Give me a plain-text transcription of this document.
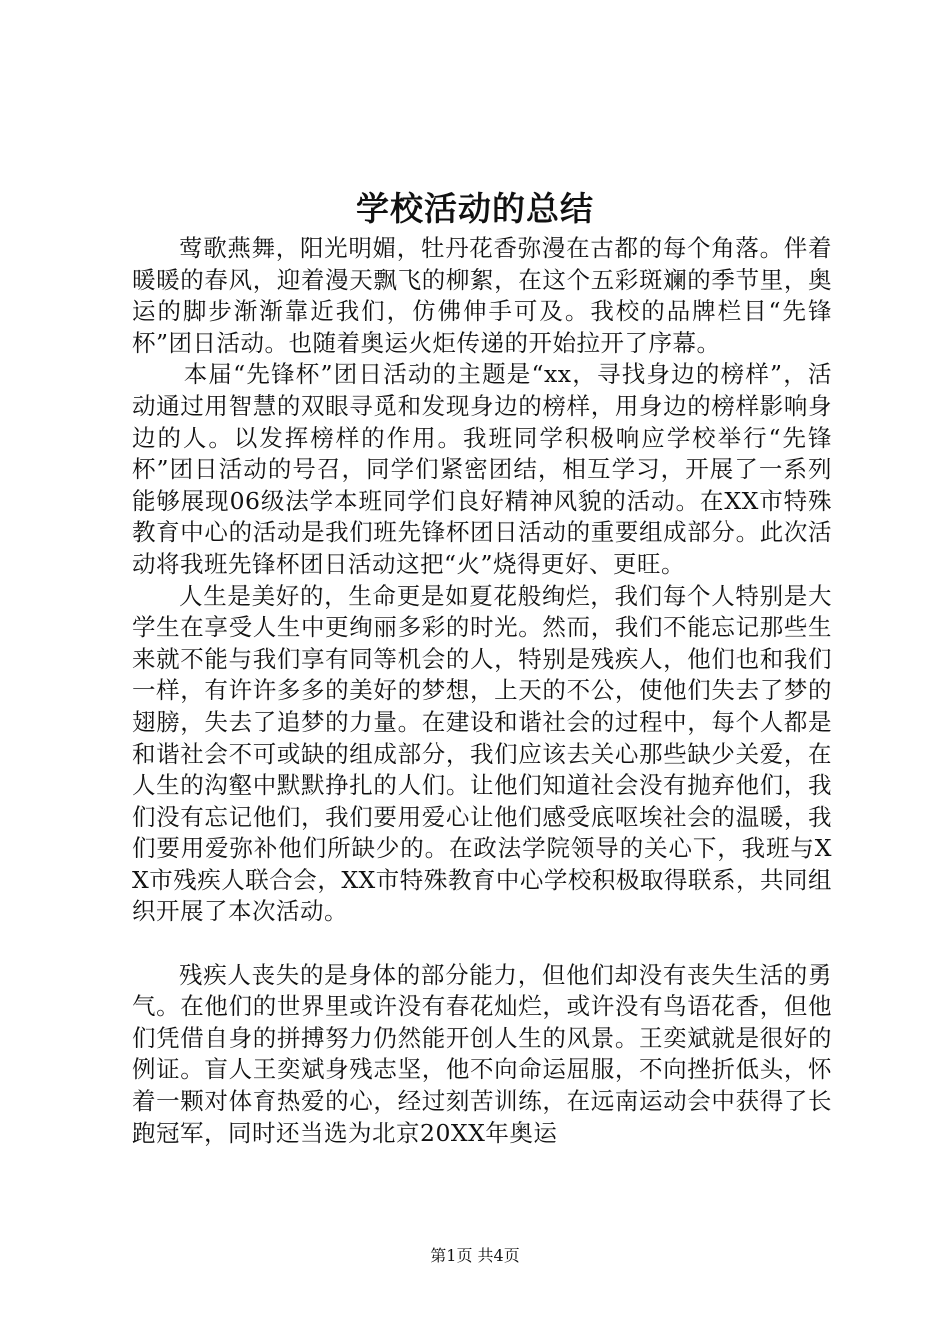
学校活动的总结

莺歌燕舞，阳光明媚，牡丹花香弥漫在古都的每个角落。伴着暖暖的春风，迎着漫天飘飞的柳絮，在这个五彩斑斓的季节里，奥运的脚步渐渐靠近我们，仿佛伸手可及。我校的品牌栏目“先锋杯”团日活动。也随着奥运火炬传递的开始拉开了序幕。

本届“先锋杯”团日活动的主题是“xx，寻找身边的榜样”，活动通过用智慧的双眼寻觅和发现身边的榜样，用身边的榜样影响身边的人。以发挥榜样的作用。我班同学积极响应学校举行“先锋杯”团日活动的号召，同学们紧密团结，相互学习，开展了一系列能够展现06级法学本班同学们良好精神风貌的活动。在XX市特殊教育中心的活动是我们班先锋杯团日活动的重要组成部分。此次活动将我班先锋杯团日活动这把“火”烧得更好、更旺。

人生是美好的，生命更是如夏花般绚烂，我们每个人特别是大学生在享受人生中更绚丽多彩的时光。然而，我们不能忘记那些生来就不能与我们享有同等机会的人，特别是残疾人，他们也和我们一样，有许许多多的美好的梦想，上天的不公，使他们失去了梦的翅膀，失去了追梦的力量。在建设和谐社会的过程中，每个人都是和谐社会不可或缺的组成部分，我们应该去关心那些缺少关爱，在人生的沟壑中默默挣扎的人们。让他们知道社会没有抛弃他们，我们没有忘记他们，我们要用爱心让他们感受底呕埃社会的温暖，我们要用爱弥补他们所缺少的。在政法学院领导的关心下，我班与XX市残疾人联合会，XX市特殊教育中心学校积极取得联系，共同组织开展了本次活动。

残疾人丧失的是身体的部分能力，但他们却没有丧失生活的勇气。在他们的世界里或许没有春花灿烂，或许没有鸟语花香，但他们凭借自身的拼搏努力仍然能开创人生的风景。王奕斌就是很好的例证。盲人王奕斌身残志坚，他不向命运屈服，不向挫折低头，怀着一颗对体育热爱的心，经过刻苦训练，在远南运动会中获得了长跑冠军，同时还当选为北京20XX年奥运

第1页 共4页
